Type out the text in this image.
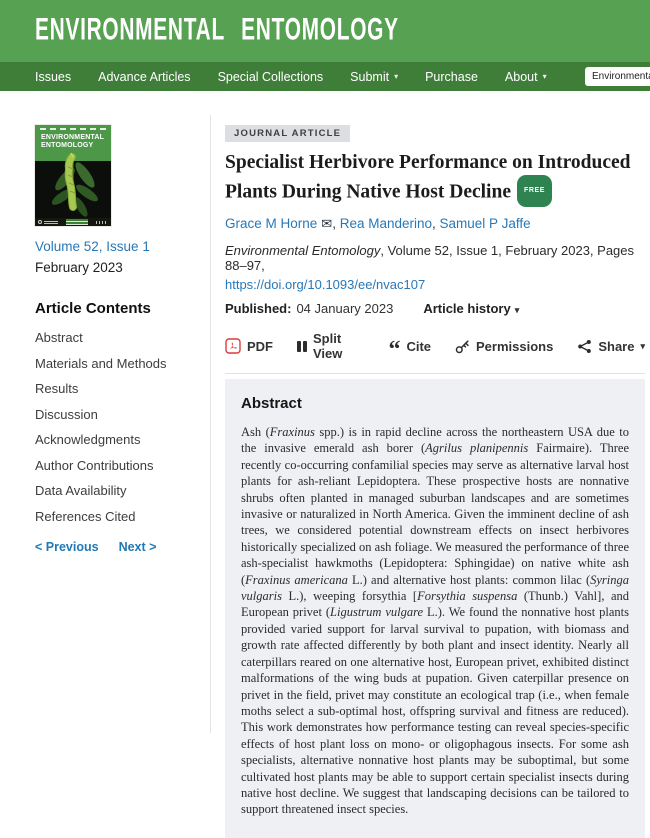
ENVIRONMENTAL ENTOMOLOGY
Issues Advance Articles Special Collections Submit ▾ Purchase About ▾
Environmental Ento
ENVIRONMENTAL
ENTOMOLOGY
Volume 52, Issue 1
February 2023
Article Contents
Abstract
Materials and Methods
Results
Discussion
Acknowledgments
Author Contributions
Data Availability
References Cited
< Previous Next >
JOURNAL ARTICLE
Specialist Herbivore Performance on Introduced Plants During Native Host Decline FREE
Grace M Horne ✉, Rea Manderino, Samuel P Jaffe
Environmental Entomology, Volume 52, Issue 1, February 2023, Pages 88–97,
https://doi.org/10.1093/ee/nvac107
Published: 04 January 2023 Article history ▾
PDF	Split View	“ Cite	Permissions	Share ▾
Abstract

Ash (Fraxinus spp.) is in rapid decline across the northeastern USA due to the invasive emerald ash borer (Agrilus planipennis Fairmaire). Three recently co-occurring confamilial species may serve as alternative larval host plants for ash-reliant Lepidoptera. These prospective hosts are nonnative shrubs often planted in managed suburban landscapes and are sometimes invasive or naturalized in North America. Given the imminent decline of ash trees, we considered potential downstream effects on insect herbivores historically specialized on ash foliage. We measured the performance of three ash-specialist hawkmoths (Lepidoptera: Sphingidae) on native white ash (Fraxinus americana L.) and alternative host plants: common lilac (Syringa vulgaris L.), weeping forsythia [Forsythia suspensa (Thunb.) Vahl], and European privet (Ligustrum vulgare L.). We found the nonnative host plants provided varied support for larval survival to pupation, with biomass and growth rate affected differently by both plant and insect identity. Nearly all caterpillars reared on one alternative host, European privet, exhibited distinct malformations of the wing buds at pupation. Given caterpillar presence on privet in the field, privet may constitute an ecological trap (i.e., when female moths select a sub-optimal host, offspring survival and fitness are reduced). This work demonstrates how performance testing can reveal species-specific effects of host plant loss on mono- or oligophagous insects. For some ash specialists, alternative nonnative host plants may be suboptimal, but some cultivated host plants may be able to support certain specialist insects during native host decline. We suggest that landscaping decisions can be tailored to support threatened insect species.
